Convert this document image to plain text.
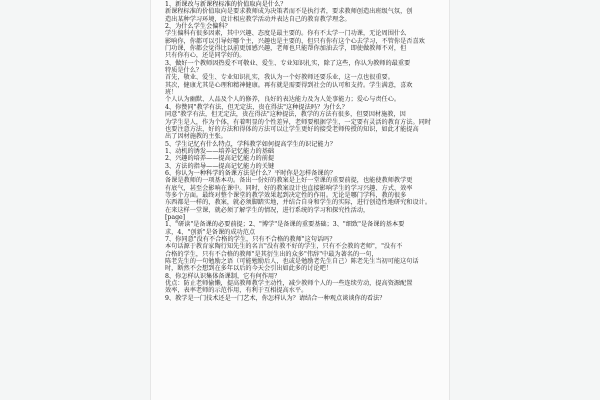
1、新课改与新课程标准的价值取向是什么？

新课程标准的价值取向是要求教师成为决策者而不是执行者，要求教师创造出班级气氛，创

造出某种学习环境，设计相应教学活动并表达自己的教育教学理念。

2、为什么学生会偏科？

学生偏科有很多因素，其中兴趣、态度是最主要的。你有不太学一门功课，无论周围什么

影响你，你都可以引导好哪个主，兴趣也是主要的，但只有你有这个心去学习，不管你是否喜欢

门功课，你都会觉得比以前更加感兴趣，老师也只能帮你加油去学，即使做教师不对，但

只有你有心，还是同学好的。

3、做好一个教师因热爱不可敬业、爱生、专业知识扎实，除了这些，你认为教师的最重要

特质是什么？

首先，敬业、爱生、专业知识扎实，我认为一个好教师还要乐业，这一点也很重要。

其次，健康尤其是心理和精神健康。再有就是需要得到社会的认可和支持。学生满意，喜欢

班！

个人认为幽默、人品及个人的修养，良好的表达能力及为人处事能力；爱心与责任心。

4、你赞同"教学有法、但无定法，贵在得法"这种提法吗？为什么？

同意"教学有法，但无定法，贵在得法"这种提法，教学的方法有很多，但要因材施教，因

为学生是人，作为个体，有着明显的个性差异，老师要根据学生，一定要有灵活的教育方法。同时

也要注意方法，好的方法和得体的方法可以让学生更好的接受老师传授的知识，如此才能提高

出了因材施教的主张。

5、学生记忆有什么特点，学科教学如何提高学生的识记能力？

1、动机的诱发——培养记忆能力的基础

2、兴趣的培养——提高记忆能力的前提

3、方法的指导——提高记忆能力的关键

6、你认为一种科学的备课方法是什么？平时你是怎样备课的？

备课是教师的一项基本功。备出一份好的教案是上好一堂课的重要前提，也能使教师教学更

有底气，甚至会影响在课中。同时，好的教案设计也直接影响学生的学习兴趣、方式、效率

等多个方面。最终对整个课堂的教学效果起到决定性的作用。无论是哪门学科，教的很多

东西都是一样的，教案，就必须脚踏实地，并结合自身和学生的实际，进行创造性地研究和设计。

在来这样一堂课，就必须了解学生的情况，进行系统的学习和探究性活动，

[page]

1、"研读"是备课的必要前提；2、"博学"是备课的重要基础；3、"细致"是备课的基本要

求，4、"创新"是备课的成功范点

7、你同意"没有不合格的学生，只有不合格的教师"这句话吗？

本句话源于教育家陶行知先生的名言"没有教不好的学生，只有不会教的老师"，"没有不

合格的学生，只有不合格的教师"是其衍生出的众多"伟辞"中最为著名的一句，

陈老先生的一句勉励之语（可能勉励后人，也或是勉励老先生自己）陈老先生当初可能这句话

时，断然不会想到在多年以后的今天会引出如此多的讨论吧！

8、你怎样认识集体备课制，它有何作用？

优点：防止老师偷懒，提高教师教学主动性，减少教师个人的一些连续劳动，提高资源配置

效率，表率老师的示范作用，有利于互相提高水平。

9、教学是一门技术还是一门艺术，你怎样认为？请结合一种观点谈谈你的看法？
